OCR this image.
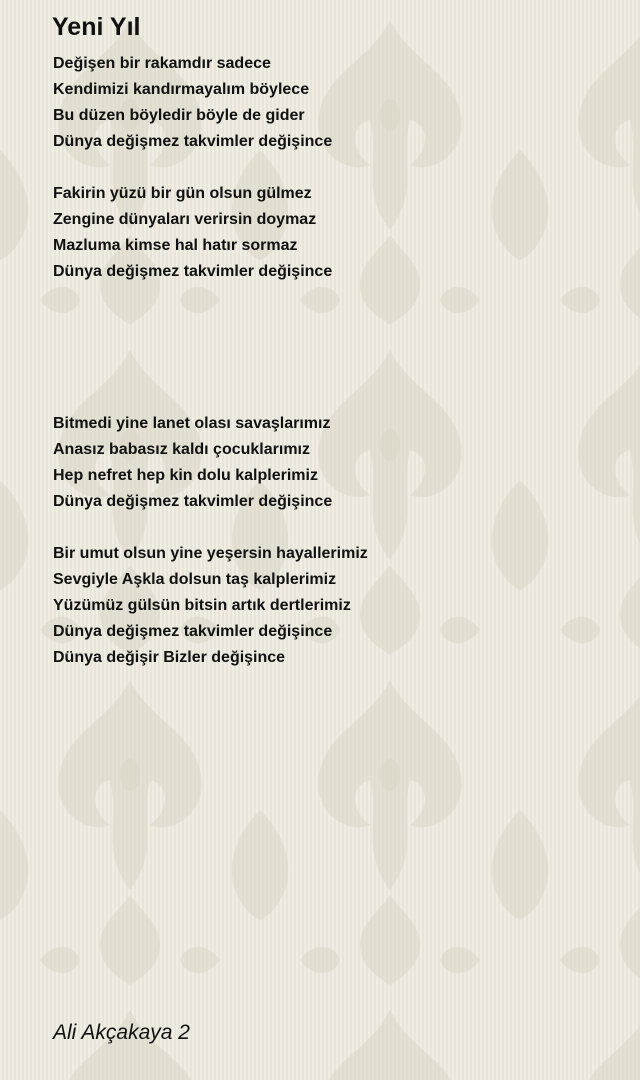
Yeni Yıl
Değişen bir rakamdır sadece
Kendimizi kandırmayalım böylece
Bu düzen böyledir böyle de gider
Dünya değişmez takvimler değişince
Fakirin yüzü bir gün olsun gülmez
Zengine dünyaları verirsin doymaz
Mazluma kimse hal hatır sormaz
Dünya değişmez takvimler değişince
Bitmedi yine lanet olası savaşlarımız
Anasız babasız kaldı çocuklarımız
Hep nefret hep kin dolu kalplerimiz
Dünya değişmez takvimler değişince
Bir umut olsun yine yeşersin hayallerimiz
Sevgiyle Aşkla dolsun taş kalplerimiz
Yüzümüz gülsün bitsin artık dertlerimiz
Dünya değişmez takvimler değişince
Dünya değişir Bizler değişince
Ali Akçakaya 2
